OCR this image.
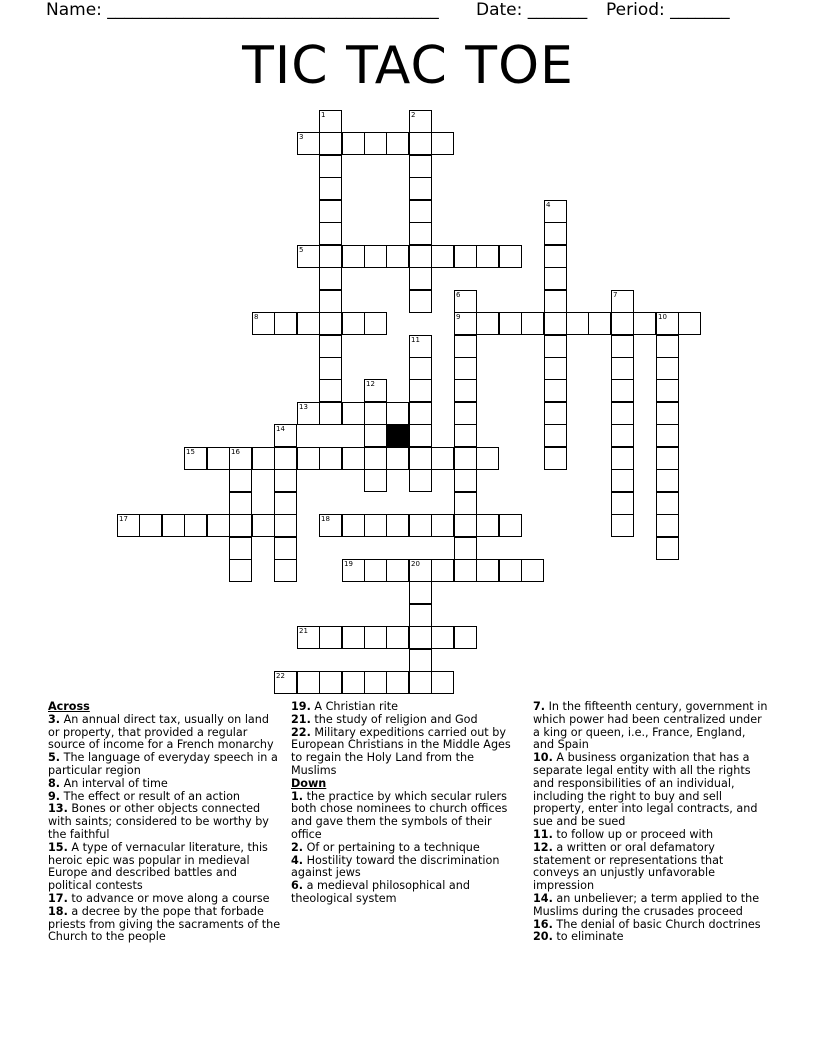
Name: _______________________________________ Date: _______ Period: _______
TIC TAC TOE
1	2
3
4
5
6
9
7
8	10
11
12
13
14
15	16
17	18
19	20
21
22
Across
3. An annual direct tax, usually on land or property, that provided a regular source of income for a French monarchy
5. The language of everyday speech in a particular region
8. An interval of time
9. The effect or result of an action
13. Bones or other objects connected with saints; considered to be worthy by the faithful
15. A type of vernacular literature, this heroic epic was popular in medieval Europe and described battles and political contests
17. to advance or move along a course
18. a decree by the pope that forbade priests from giving the sacraments of the Church to the people
19. A Christian rite
21. the study of religion and God
22. Military expeditions carried out by European Christians in the Middle Ages to regain the Holy Land from the Muslims
Down
1. the practice by which secular rulers both chose nominees to church offices and gave them the symbols of their office
2. Of or pertaining to a technique
4. Hostility toward the discrimination against jews
6. a medieval philosophical and theological system
7. In the fifteenth century, government in which power had been centralized under a king or queen, i.e., France, England, and Spain
10. A business organization that has a separate legal entity with all the rights and responsibilities of an individual, including the right to buy and sell property, enter into legal contracts, and sue and be sued
11. to follow up or proceed with
12. a written or oral defamatory statement or representations that conveys an unjustly unfavorable impression
14. an unbeliever; a term applied to the Muslims during the crusades proceed
16. The denial of basic Church doctrines
20. to eliminate
